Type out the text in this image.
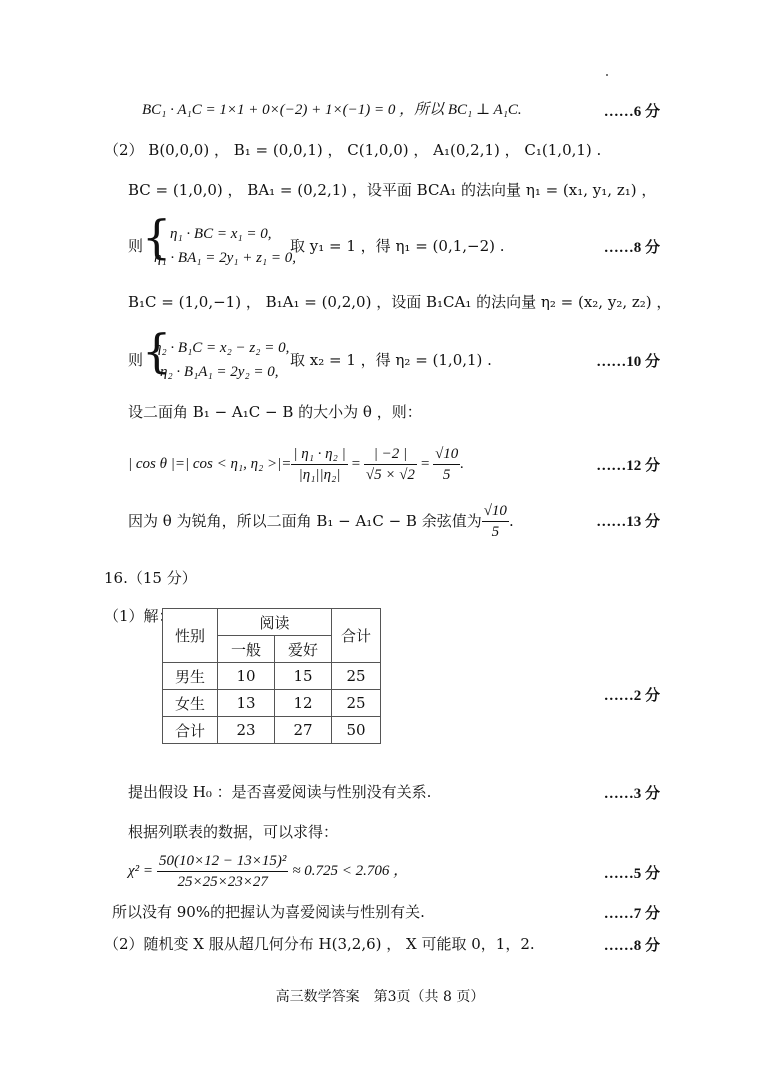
BC₁ · A₁C = 1×1 + 0×(−2) + 1×(−1) = 0 ，所以 BC₁ ⊥ A₁C.	……6 分
（2） B(0,0,0) ， B₁ = (0,0,1) ， C(1,0,0) ， A₁(0,2,1) ， C₁(1,0,1) .
BC = (1,0,0) ， BA₁ = (0,2,1) ，设平面 BCA₁ 的法向量 η₁ = (x₁, y₁, z₁) ，
则
{
η₁ · BC = x₁ = 0,
η₁ · BA₁ = 2y₁ + z₁ = 0,
取 y₁ = 1 ，得 η₁ = (0,1,−2) .	……8 分
B₁C = (1,0,−1) ， B₁A₁ = (0,2,0) ，设面 B₁CA₁ 的法向量 η₂ = (x₂, y₂, z₂) ，
则
{
η₂ · B₁C = x₂ − z₂ = 0,
η₂ · B₁A₁ = 2y₂ = 0,
取 x₂ = 1 ，得 η₂ = (1,0,1) .	……10 分
设二面角 B₁ − A₁C − B 的大小为 θ ，则：
| cos θ |=| cos < η₁, η₂ >|= $\frac{\text{| η₁ · η₂ |}}{\text{|η₁||η₂|}} = \frac{| -2 |}{√5 \times √2} = \frac{√10}{5}$ .	……12 分
因为 θ 为锐角，所以二面角 B₁ − A₁C − B 余弦值为 $\frac{√10}{5}$ .	……13 分
16.（15 分）
（1）解：
性别	阅读		合计
	一般	爱好	
男生	10	15	25
女生	13	12	25
合计	23	27	50
……2 分
提出假设 H₀ ：是否喜爱阅读与性别没有关系.	……3 分
根据列联表的数据，可以求得：
$\chi^2 = \frac{\text{50(10×12 − 13×15)²}}{25\times 25\times 23\times 27} \approx 0.725 < 2.706$ ，	……5 分
所以没有 90%的把握认为喜爱阅读与性别有关.	……7 分
（2）随机变 X 服从超几何分布 H(3,2,6) ， X 可能取 0，1，2.	……8 分
高三数学答案　第3页（共 8 页）
